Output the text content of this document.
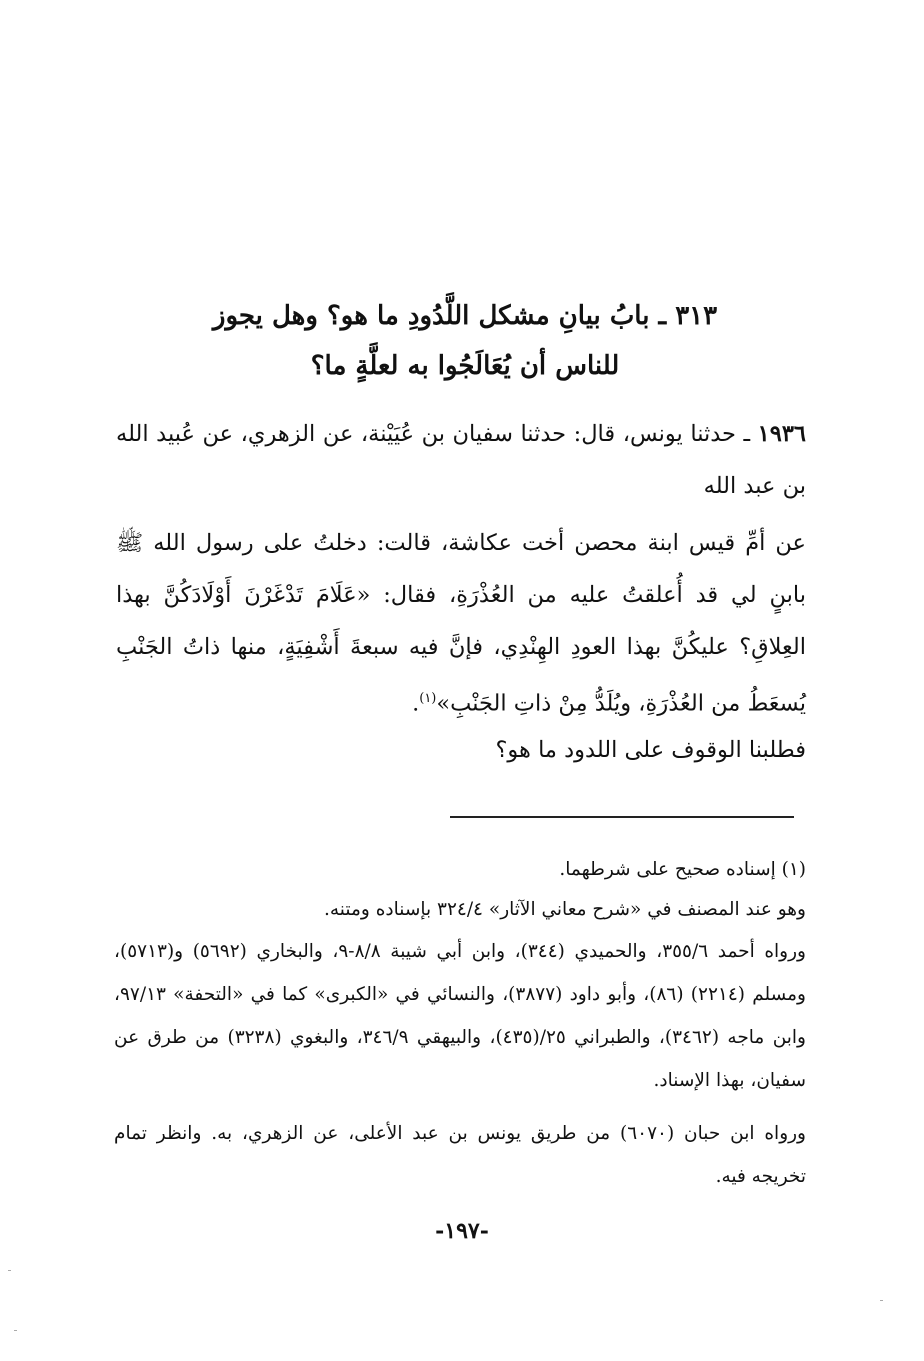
٣١٣ ـ بابُ بيانِ مشكل اللَّدُودِ ما هو؟ وهل يجوز
للناس أن يُعَالَجُوا به لعلَّةٍ ما؟
١٩٣٦ ـ حدثنا يونس، قال: حدثنا سفيان بن عُيَيْنة، عن الزهري، عن عُبيد الله بن عبد الله
عن أمِّ قيس ابنة محصن أخت عكاشة، قالت: دخلتُ على رسول الله ﷺ بابنٍ لي قد أُعلقتُ عليه من العُذْرَةِ، فقال: «عَلَامَ تَدْغَرْنَ أَوْلَادَكُنَّ بهذا العِلاقِ؟ عليكُنَّ بهذا العودِ الهِنْدِي، فإنَّ فيه سبعةَ أَشْفِيَةٍ، منها ذاتُ الجَنْبِ يُسعَطُ من العُذْرَةِ، ويُلَدُّ مِنْ ذاتِ الجَنْبِ»$^{(١)}$.
فطلبنا الوقوف على اللدود ما هو؟
(١) إسناده صحيح على شرطهما.
وهو عند المصنف في «شرح معاني الآثار» ٣٢٤/٤ بإسناده ومتنه.
ورواه أحمد ٣٥٥/٦، والحميدي (٣٤٤)، وابن أبي شيبة ٨/٨-٩، والبخاري (٥٦٩٢) و(٥٧١٣)، ومسلم (٢٢١٤) (٨٦)، وأبو داود (٣٨٧٧)، والنسائي في «الكبرى» كما في «التحفة» ٩٧/١٣، وابن ماجه (٣٤٦٢)، والطبراني ٢٥/(٤٣٥)، والبيهقي ٣٤٦/٩، والبغوي (٣٢٣٨) من طرق عن سفيان، بهذا الإسناد.
ورواه ابن حبان (٦٠٧٠) من طريق يونس بن عبد الأعلى، عن الزهري، به. وانظر تمام تخريجه فيه.
-١٩٧-
